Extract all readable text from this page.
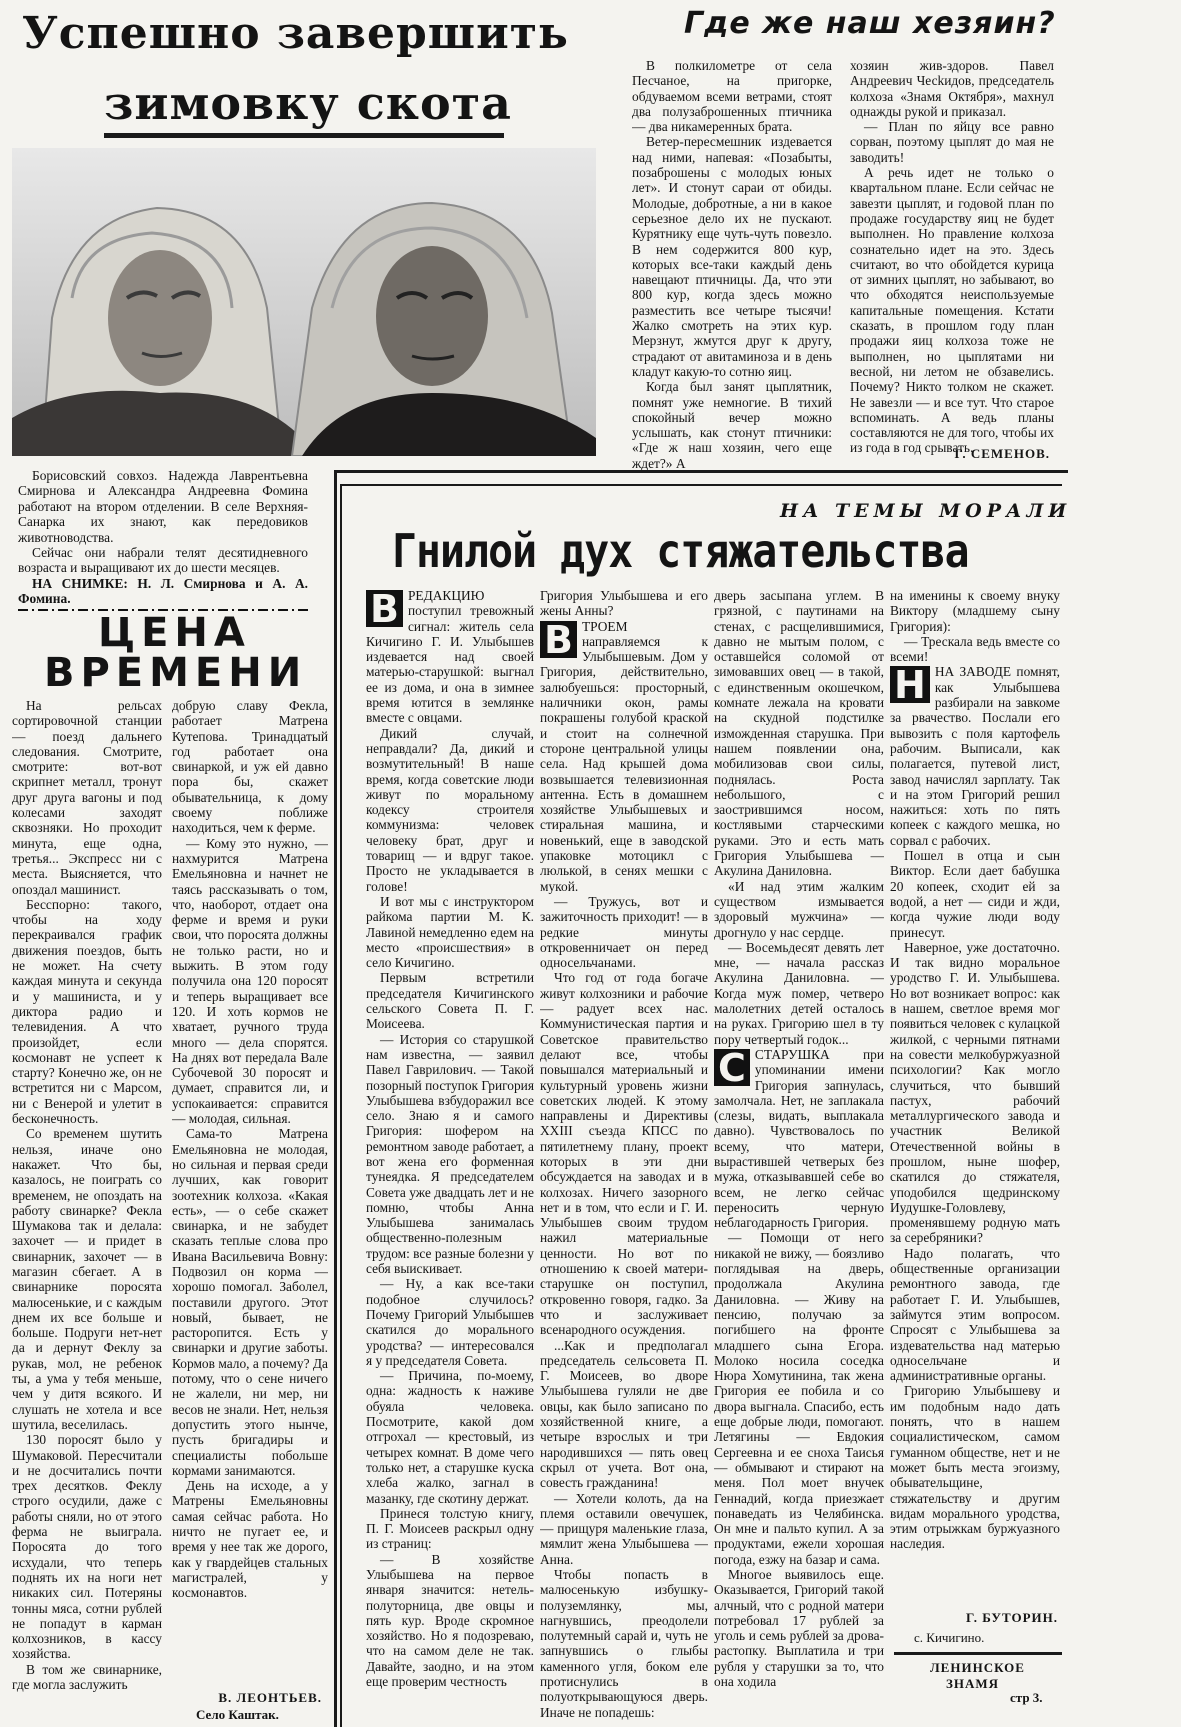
Успешно завершить
зимовку скота

Борисовский совхоз. Надежда Лаврентьевна Смирнова и Александра Андреевна Фомина работают на втором отделении. В селе Верхняя-Санарка их знают, как передовиков животноводства.

Сейчас они набрали телят десятидневного возраста и выращивают их до шести месяцев.

НА СНИМКЕ: Н. Л. Смирнова и А. А. Фомина.

ЦЕНА
ВРЕМЕНИ

На рельсах сортировочной станции — поезд дальнего следования. Смотрите, смотрите: вот-вот скрипнет металл, тронут друг друга вагоны и под колесами заходят сквозняки. Но проходит минута, еще одна, третья... Экспресс ни с места. Выясняется, что опоздал машинист.

Бесспорно: такого, чтобы на ходу перекраивался график движения поездов, быть не может. На счету каждая минута и секунда и у машиниста, и у диктора радио и телевидения. А что произойдет, если космонавт не успеет к старту? Конечно же, он не встретится ни с Марсом, ни с Венерой и улетит в бесконечность.

Со временем шутить нельзя, иначе оно накажет. Что бы, казалось, не поиграть со временем, не опоздать на работу свинарке? Фекла Шумакова так и делала: захочет — и придет в свинарник, захочет — в магазин сбегает. А в свинарнике поросята малюсенькие, и с каждым днем их все больше и больше. Подруги нет-нет да и дернут Феклу за рукав, мол, не ребенок ты, а ума у тебя меньше, чем у дитя всякого. И слушать не хотела и все шутила, веселилась.

130 поросят было у Шумаковой. Пересчитали и не досчитались почти трех десятков. Феклу строго осудили, даже с работы сняли, но от этого ферма не выиграла. Поросята до того исхудали, что теперь поднять их на ноги нет никаких сил. Потеряны тонны мяса, сотни рублей не попадут в карман колхозников, в кассу хозяйства.

В том же свинарнике, где могла заслужить

добрую славу Фекла, работает Матрена Кутепова. Тринадцатый год работает она свинаркой, и уж ей давно пора бы, скажет обывательница, к дому своему поближе находиться, чем к ферме.

— Кому это нужно, — нахмурится Матрена Емельяновна и начнет не таясь рассказывать о том, что, наоборот, отдает она ферме и время и руки свои, что поросята должны не только расти, но и выжить. В этом году получила она 120 поросят и теперь выращивает все 120. И хоть кормов не хватает, ручного труда много — дела спорятся. На днях вот передала Вале Субочевой 30 поросят и думает, справится ли, и успокаивается: справится — молодая, сильная.

Сама-то Матрена Емельяновна не молодая, но сильная и первая среди лучших, как говорит зоотехник колхоза. «Какая есть», — о себе скажет свинарка, и не забудет сказать теплые слова про Ивана Васильевича Вовну: Подвозил он корма — хорошо помогал. Заболел, поставили другого. Этот новый, бывает, не расторопится. Есть у свинарки и другие заботы. Кормов мало, а почему? Да потому, что о сене ничего не жалели, ни мер, ни весов не знали. Нет, нельзя допустить этого нынче, пусть бригадиры и специалисты побольше кормами занимаются.

День на исходе, а у Матрены Емельяновны самая сейчас работа. Но ничто не пугает ее, и время у нее так же дорого, как у гвардейцев стальных магистралей, у космонавтов.

В. ЛЕОНТЬЕВ.
Село Каштак.
Где же наш хезяин?

В полкилометре от села Песчаное, на пригорке, обдуваемом всеми ветрами, стоят два полузаброшенных птичника — два никамеренных брата.

Ветер-пересмешник издевается над ними, напевая: «Позабыты, позаброшены с молодых юных лет». И стонут сараи от обиды. Молодые, добротные, а ни в какое серьезное дело их не пускают. Курятнику еще чуть-чуть повезло. В нем содержится 800 кур, которых все-таки каждый день навещают птичницы. Да, что эти 800 кур, когда здесь можно разместить все четыре тысячи! Жалко смотреть на этих кур. Мерзнут, жмутся друг к другу, страдают от авитаминоза и в день кладут какую-то сотню яиц.

Когда был занят цыплятник, помнят уже немногие. В тихий спокойный вечер можно услышать, как стонут птичники: «Где ж наш хозяин, чего еще ждет?» А

хозяин жив-здоров. Павел Андреевич Чесkидов, председатель колхоза «Знамя Октября», махнул однажды рукой и приказал.

— План по яйцу все равно сорван, поэтому цыплят до мая не заводить!

А речь идет не только о квартальном плане. Если сейчас не завезти цыплят, и годовой план по продаже государству яиц не будет выполнен. Но правление колхоза сознательно идет на это. Здесь считают, во что обойдется курица от зимних цыплят, но забывают, во что обходятся неиспользуемые капитальные помещения. Кстати сказать, в прошлом году план продажи яиц колхоза тоже не выполнен, но цыплятами ни весной, ни летом не обзавелись. Почему? Никто толком не скажет. Не завезли — и все тут. Что старое вспоминать. А ведь планы составляются не для того, чтобы их из года в год срывать.

Г. СЕМЕНОВ.
НА ТЕМЫ МОРАЛИ
Гнилой дух стяжательства

В РЕДАКЦИЮ поступил тревожный сигнал: житель села Кичигино Г. И. Улыбышев издевается над своей матерью-старушкой: выгнал ее из дома, и она в зимнее время ютится в землянке вместе с овцами.

Дикий случай, неправдали? Да, дикий и возмутительный! В наше время, когда советские люди живут по моральному кодексу строителя коммунизма: человек человеку брат, друг и товарищ — и вдруг такое. Просто не укладывается в голове!

И вот мы с инструктором райкома партии М. К. Лавиной немедленно едем на место «происшествия» в село Кичигино.

Первым встретили председателя Кичигинского сельского Совета П. Г. Моисеева.

— История со старушкой нам известна, — заявил Павел Гаврилович. — Такой позорный поступок Григория Улыбышева взбудоражил все село. Знаю я и самого Григория: шофером на ремонтном заводе работает, а вот жена его форменная тунеядка. Я председателем Совета уже двадцать лет и не помню, чтобы Анна Улыбышева занималась общественно-полезным трудом: все разные болезни у себя выискивает.

— Ну, а как все-таки подобное случилось? Почему Григорий Улыбышев скатился до морального уродства? — интересовался я у председателя Совета.

— Причина, по-моему, одна: жадность к наживе обуяла человека. Посмотрите, какой дом отгрохал — крестовый, из четырех комнат. В доме чего только нет, а старушке куска хлеба жалко, загнал в мазанку, где скотину держат.

Принеся толстую книгу, П. Г. Моисеев раскрыл одну из страниц:

— В хозяйстве Улыбышева на первое января значится: нетель-полуторница, две овцы и пять кур. Вроде скромное хозяйство. Но я подозреваю, что на самом деле не так. Давайте, заодно, и на этом еще проверим честность

Григория Улыбышева и его жены Анны?

В ТРОЕМ направляемся к Улыбышевым. Дом у Григория, действительно, залюбуешься: просторный, наличники окон, рамы покрашены голубой краской и стоит на солнечной стороне центральной улицы села. Над крышей дома возвышается телевизионная антенна. Есть в домашнем хозяйстве Улыбышевых и стиральная машина, и новенький, еще в заводской упаковке мотоцикл с люлькой, в сенях мешки с мукой.

— Тружусь, вот и зажиточность приходит! — в редкие минуты откровенничает он перед односельчанами.

Что год от года богаче живут колхозники и рабочие — радует всех нас. Коммунистическая партия и Советское правительство делают все, чтобы повышался материальный и культурный уровень жизни советских людей. К этому направлены и Директивы XXIII съезда КПСС по пятилетнему плану, проект которых в эти дни обсуждается на заводах и в колхозах. Ничего зазорного нет и в том, что если и Г. И. Улыбышев своим трудом нажил материальные ценности. Но вот по отношению к своей матери-старушке он поступил, откровенно говоря, гадко. За что и заслуживает всенародного осуждения.

...Как и предполагал председатель сельсовета П. Г. Моисеев, во дворе Улыбышева гуляли не две овцы, как было записано по хозяйственной книге, а четыре взрослых и три народившихся — пять овец скрыл от учета. Вот она, совесть гражданина!

— Хотели колоть, да на племя оставили овечушек, — прищуря маленькие глаза, мямлит жена Улыбышева — Анна.

Чтобы попасть в малюсенькую избушку-полуземлянку, мы, нагнувшись, преодолели полутемный сарай и, чуть не запнувшись о глыбы каменного угля, боком еле протиснулись в полуоткрывающуюся дверь. Иначе не попадешь:

дверь засыпана углем. В грязной, с паутинами на стенах, с расщелившимися, давно не мытым полом, с оставшейся соломой от зимовавших овец — в такой, с единственным окошечком, комнате лежала на кровати на скудной подстилке изможденная старушка. При нашем появлении она, мобилизовав свои силы, поднялась. Роста небольшого, с заострившимся носом, костлявыми старческими руками. Это и есть мать Григория Улыбышева — Акулина Даниловна.

«И над этим жалким существом измывается здоровый мужчина» — дрогнуло у нас сердце.

— Восемьдесят девять лет мне, — начала рассказ Акулина Даниловна. — Когда муж помер, четверо малолетних детей осталось на руках. Григорию шел в ту пору четвертый годок...

С СТАРУШКА при упоминании имени Григория запнулась, замолчала. Нет, не заплакала (слезы, видать, выплакала давно). Чувствовалось по всему, что матери, вырастившей четверых без мужа, отказывавшей себе во всем, не легко сейчас переносить черную неблагодарность Григория.

— Помощи от него никакой не вижу, — боязливо поглядывая на дверь, продолжала Акулина Даниловна. — Живу на пенсию, получаю за погибшего на фронте младшего сына Егора. Молоко носила соседка Нюра Хомутинина, так жена Григория ее побила и со двора выгнала. Спасибо, есть еще добрые люди, помогают. Летягины — Евдокия Сергеевна и ее сноха Таисья — обмывают и стирают на меня. Пол моет внучек Геннадий, когда приезжает понаведать из Челябинска. Он мне и пальто купил. А за продуктами, ежели хорошая погода, езжу на базар и сама.

Многое выявилось еще. Оказывается, Григорий такой алчный, что с родной матери потребовал 17 рублей за уголь и семь рублей за дрова-растопку. Выплатила и три рубля у старушки за то, что она ходила

на именины к своему внуку Виктору (младшему сыну Григория):

— Трескала ведь вместе со всеми!

Н НА ЗАВОДЕ помнят, как Улыбышева разбирали на завкоме за рвачество. Послали его вывозить с поля картофель рабочим. Выписали, как полагается, путевой лист, завод начислял зарплату. Так и на этом Григорий решил нажиться: хоть по пять копеек с каждого мешка, но сорвал с рабочих.

Пошел в отца и сын Виктор. Если дает бабушка 20 копеек, сходит ей за водой, а нет — сиди и жди, когда чужие люди воду принесут.

Наверное, уже достаточно. И так видно моральное уродство Г. И. Улыбышева. Но вот возникает вопрос: как в нашем, светлое время мог появиться человек с кулацкой жилкой, с черными пятнами на совести мелкобуржуазной психологии? Как могло случиться, что бывший пастух, рабочий металлургического завода и участник Великой Отечественной войны в прошлом, ныне шофер, скатился до стяжателя, уподобился щедринскому Иудушке-Головлеву, променявшему родную мать за серебряники?

Надо полагать, что общественные организации ремонтного завода, где работает Г. И. Улыбышев, займутся этим вопросом. Спросят с Улыбышева за издевательства над матерью односельчане и административные органы.

Григорию Улыбышеву и им подобным надо дать понять, что в нашем социалистическом, самом гуманном обществе, нет и не может быть места эгоизму, обывательщине, стяжательству и другим видам морального уродства, этим отрыжкам буржуазного наследия.

Г. БУТОРИН.
с. Кичигино.
ЛЕНИНСКОЕ
ЗНАМЯ
стр 3.
